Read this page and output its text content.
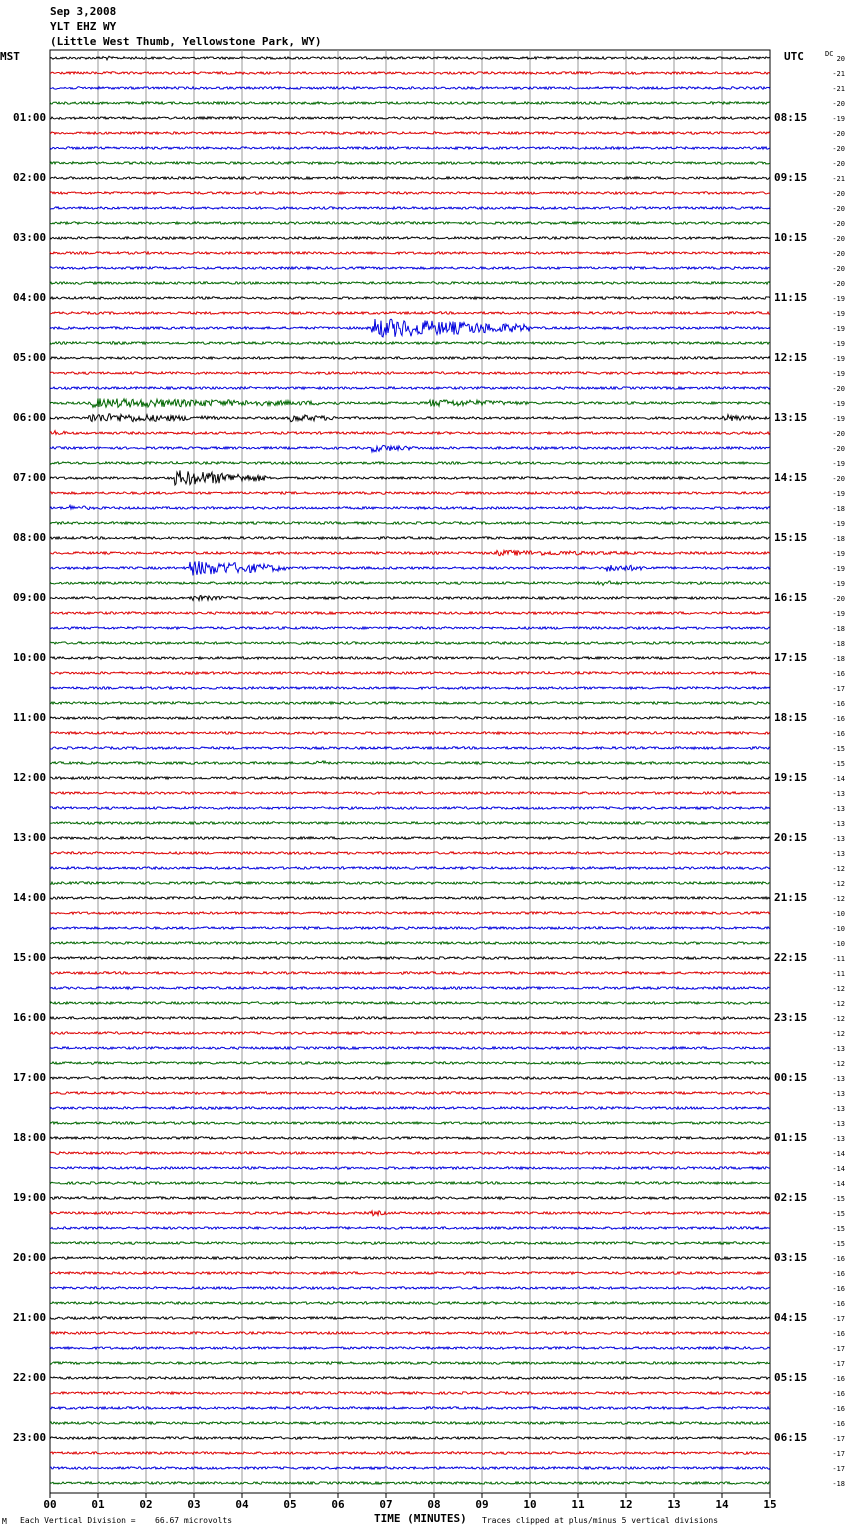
Sep 3,2008
YLT EHZ WY
(Little West Thumb, Yellowstone Park, WY)
MST	UTC	DC
01:00	08:15
02:00	09:15
03:00	10:15
04:00	11:15
05:00	12:15
06:00	13:15
07:00	14:15
08:00	15:15
09:00	16:15
10:00	17:15
11:00	18:15
12:00	19:15
13:00	20:15
14:00	21:15
15:00	22:15
16:00	23:15
17:00	00:15
18:00	01:15
19:00	02:15
20:00	03:15
21:00	04:15
22:00	05:15
23:00	06:15
00	01	02	03	04	05	06	07	08	09	10	11	12	13	14	15
20
-21
-21
-20
-19
-20
-20
-20
-21
-20
-20
-20
-20
-20
-20
-20
-19
-19
-19
-19
-19
-19
-20
-19
-19
-20
-20
-19
-20
-19
-18
-19
-18
-19
-19
-19
-20
-19
-18
-18
-18
-16
-17
-16
-16
-16
-15
-15
-14
-13
-13
-13
-13
-13
-12
-12
-12
-10
-10
-10
-11
-11
-12
-12
-12
-12
-13
-12
-13
-13
-13
-13
-13
-14
-14
-14
-15
-15
-15
-15
-16
-16
-16
-16
-17
-16
-17
-17
-16
-16
-16
-16
-17
-17
-17
-18
TIME (MINUTES)
M Each Vertical Division = 66.67 microvolts	Traces clipped at plus/minus 5 vertical divisions
